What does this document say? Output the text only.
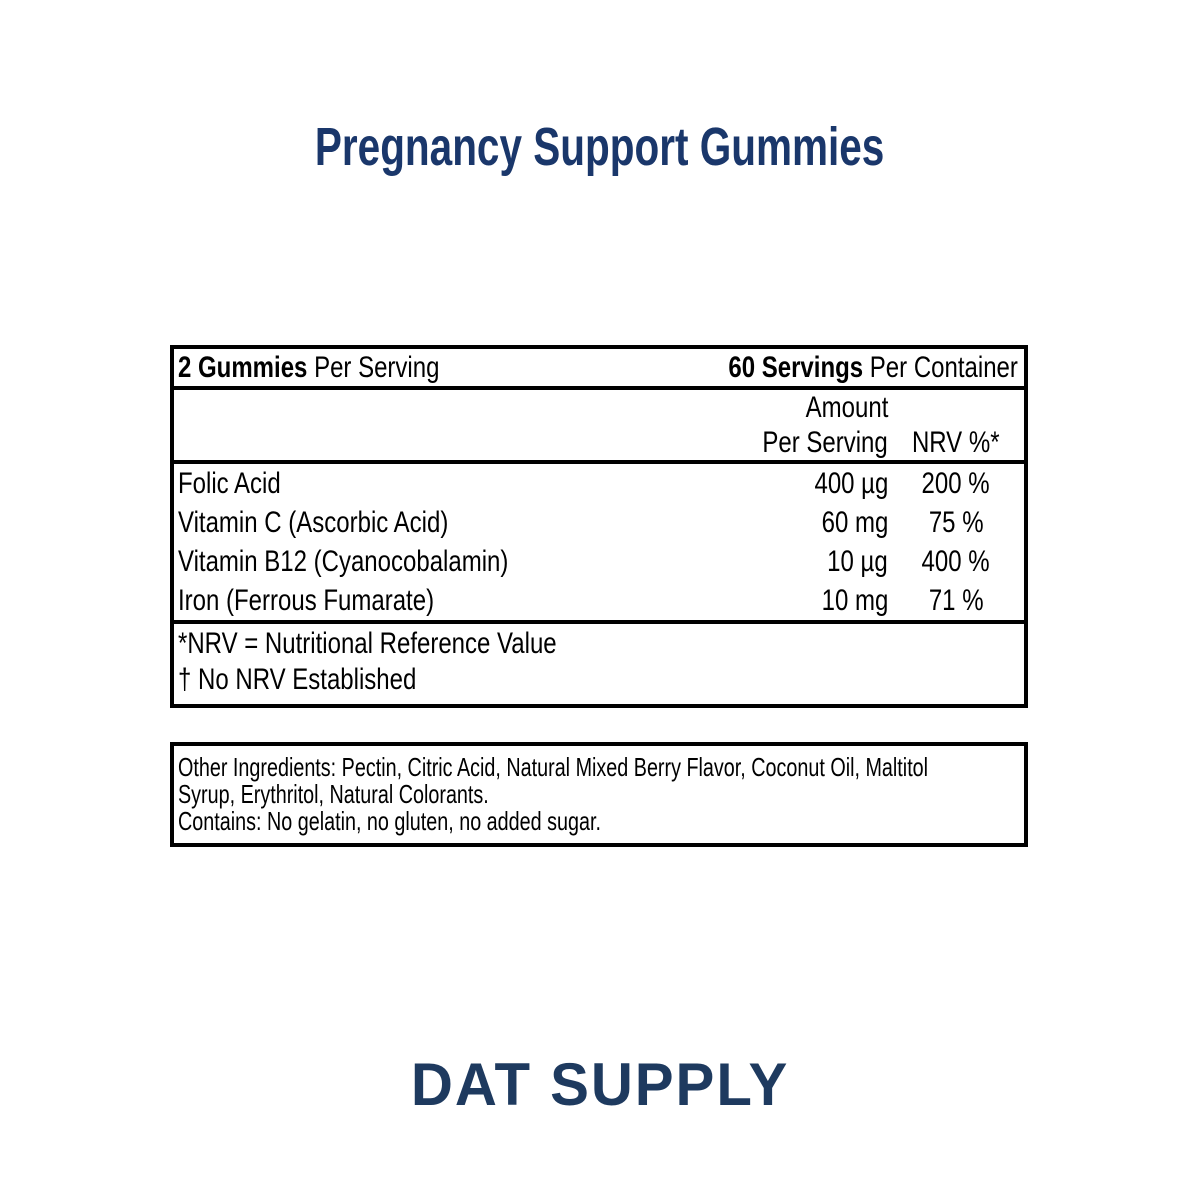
Pregnancy Support Gummies
2 Gummies Per Serving	60 Servings Per Container
Amount
Per Serving NRV %*
Folic Acid	400 µg	200 %
Vitamin C (Ascorbic Acid)	60 mg	75 %
Vitamin B12 (Cyanocobalamin)	10 µg	400 %
Iron (Ferrous Fumarate)	10 mg	71 %
*NRV = Nutritional Reference Value
† No NRV Established
Other Ingredients: Pectin, Citric Acid, Natural Mixed Berry Flavor, Coconut Oil, Maltitol
Syrup, Erythritol, Natural Colorants.
Contains: No gelatin, no gluten, no added sugar.
DAT SUPPLY
